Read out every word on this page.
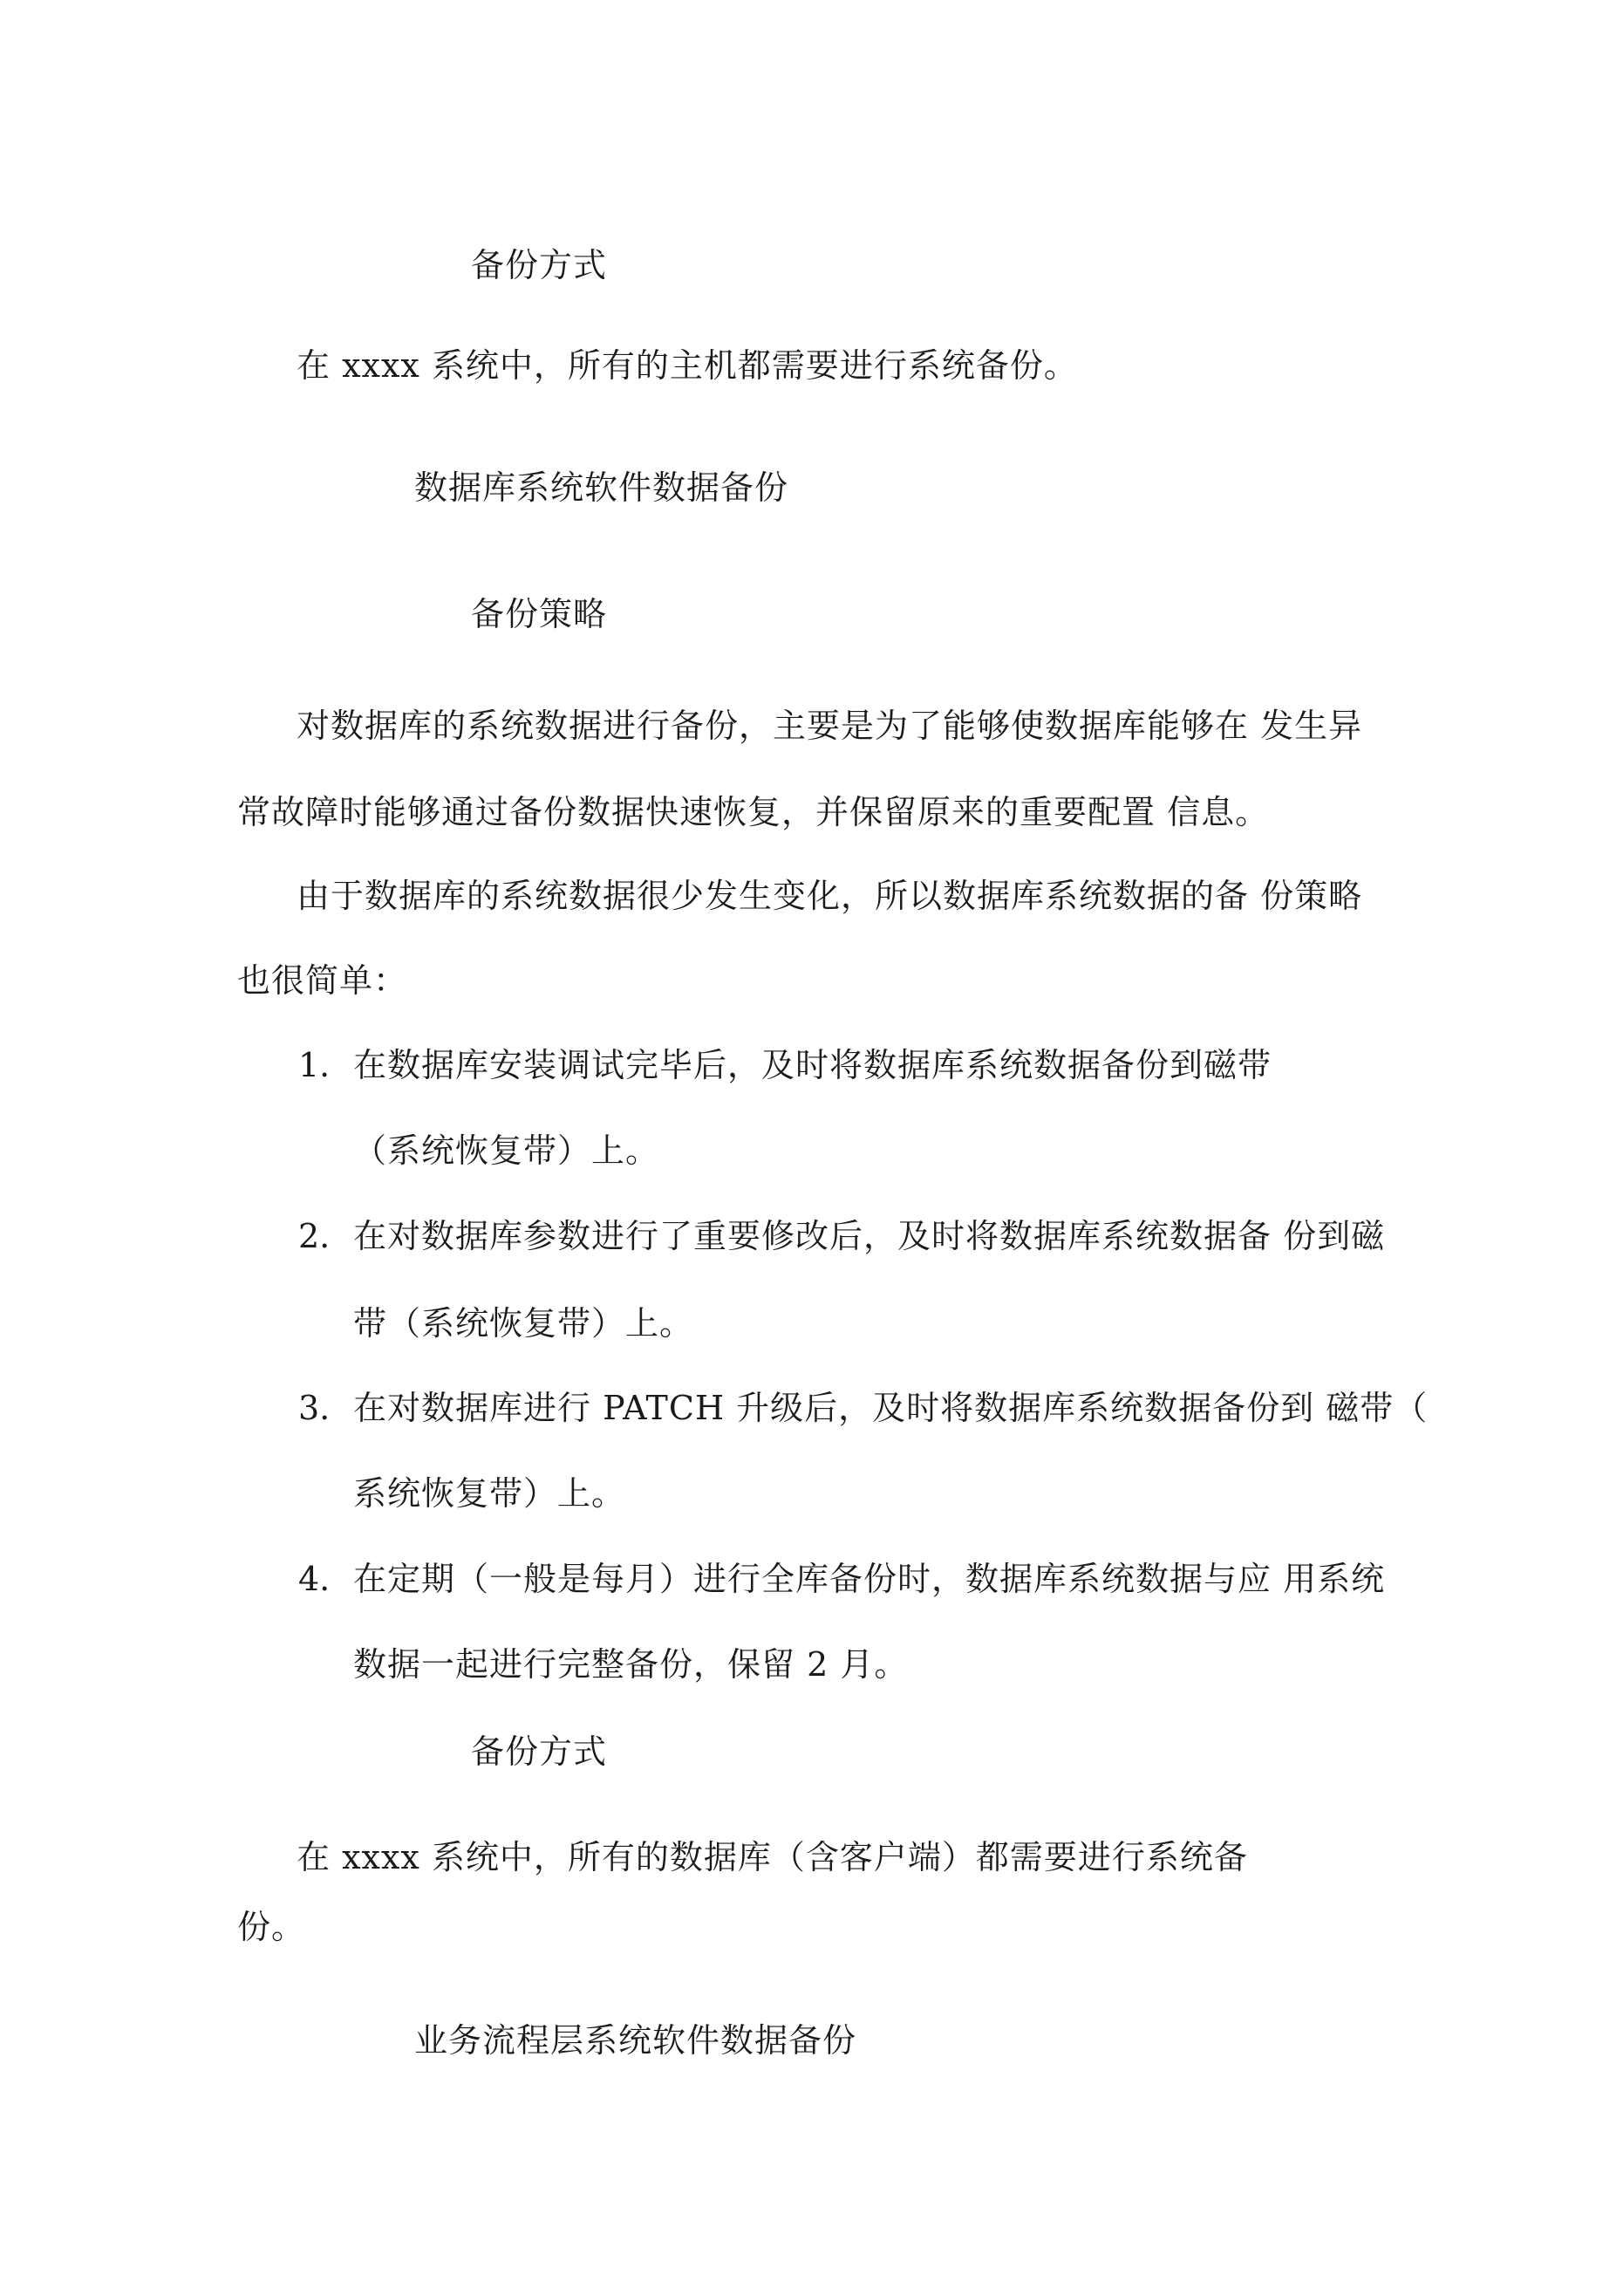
备份方式
在 xxxx 系统中，所有的主机都需要进行系统备份。
数据库系统软件数据备份
备份策略
对数据库的系统数据进行备份，主要是为了能够使数据库能够在 发生异
常故障时能够通过备份数据快速恢复，并保留原来的重要配置 信息。
由于数据库的系统数据很少发生变化，所以数据库系统数据的备 份策略
也很简单：
1. 在数据库安装调试完毕后，及时将数据库系统数据备份到磁带
（系统恢复带）上。
2. 在对数据库参数进行了重要修改后，及时将数据库系统数据备 份到磁
带（系统恢复带）上。
3. 在对数据库进行 PATCH 升级后，及时将数据库系统数据备份到 磁带（
系统恢复带）上。
4. 在定期（一般是每月）进行全库备份时，数据库系统数据与应 用系统
数据一起进行完整备份，保留 2 月。
备份方式
在 xxxx 系统中，所有的数据库（含客户端）都需要进行系统备
份。
业务流程层系统软件数据备份
